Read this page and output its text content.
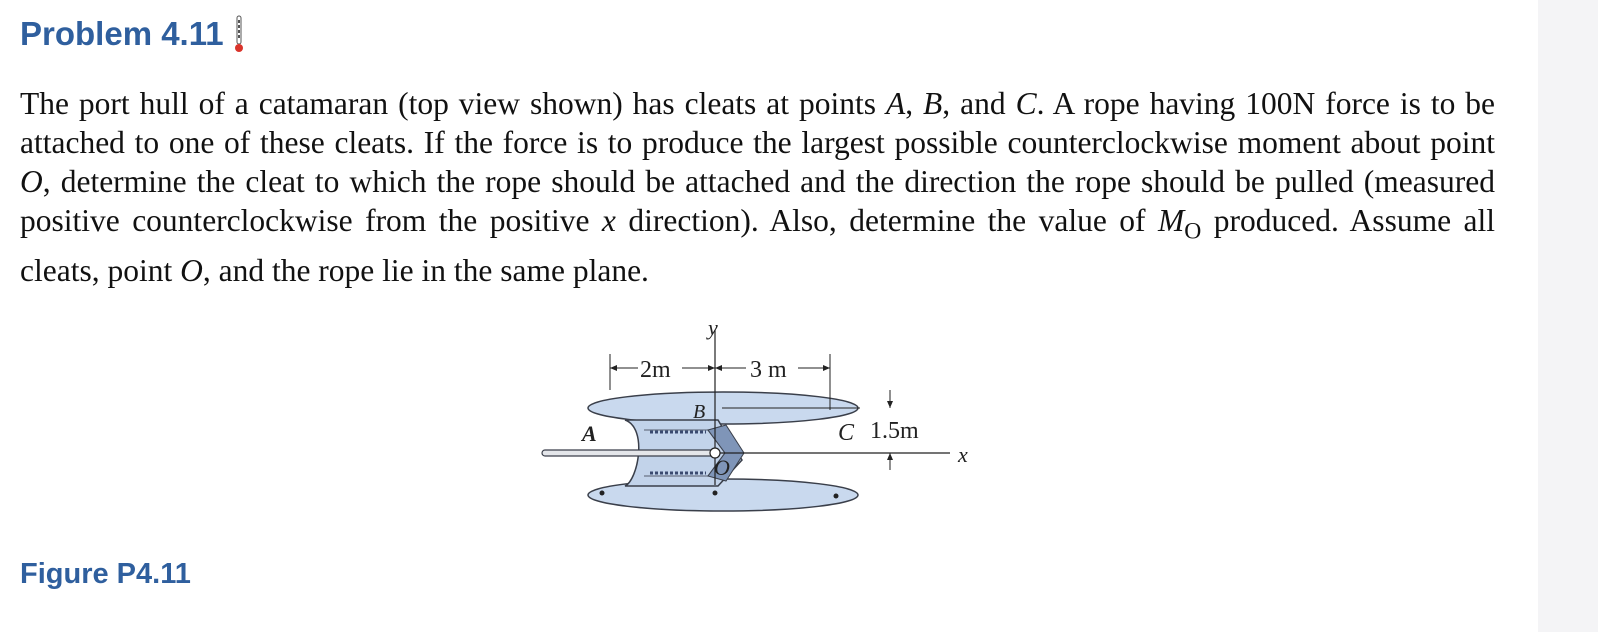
Problem 4.11
The port hull of a catamaran (top view shown) has cleats at points A, B, and C. A rope having 100N force is to be attached to one of these cleats. If the force is to produce the largest possible counterclockwise moment about point O, determine the cleat to which the rope should be attached and the direction the rope should be pulled (measured positive counterclockwise from the positive x direction). Also, determine the value of $M_O$ produced. Assume all cleats, point O, and the rope lie in the same plane.
y
x
2m	3 m
1.5m
A
B
C
O
Figure P4.11
